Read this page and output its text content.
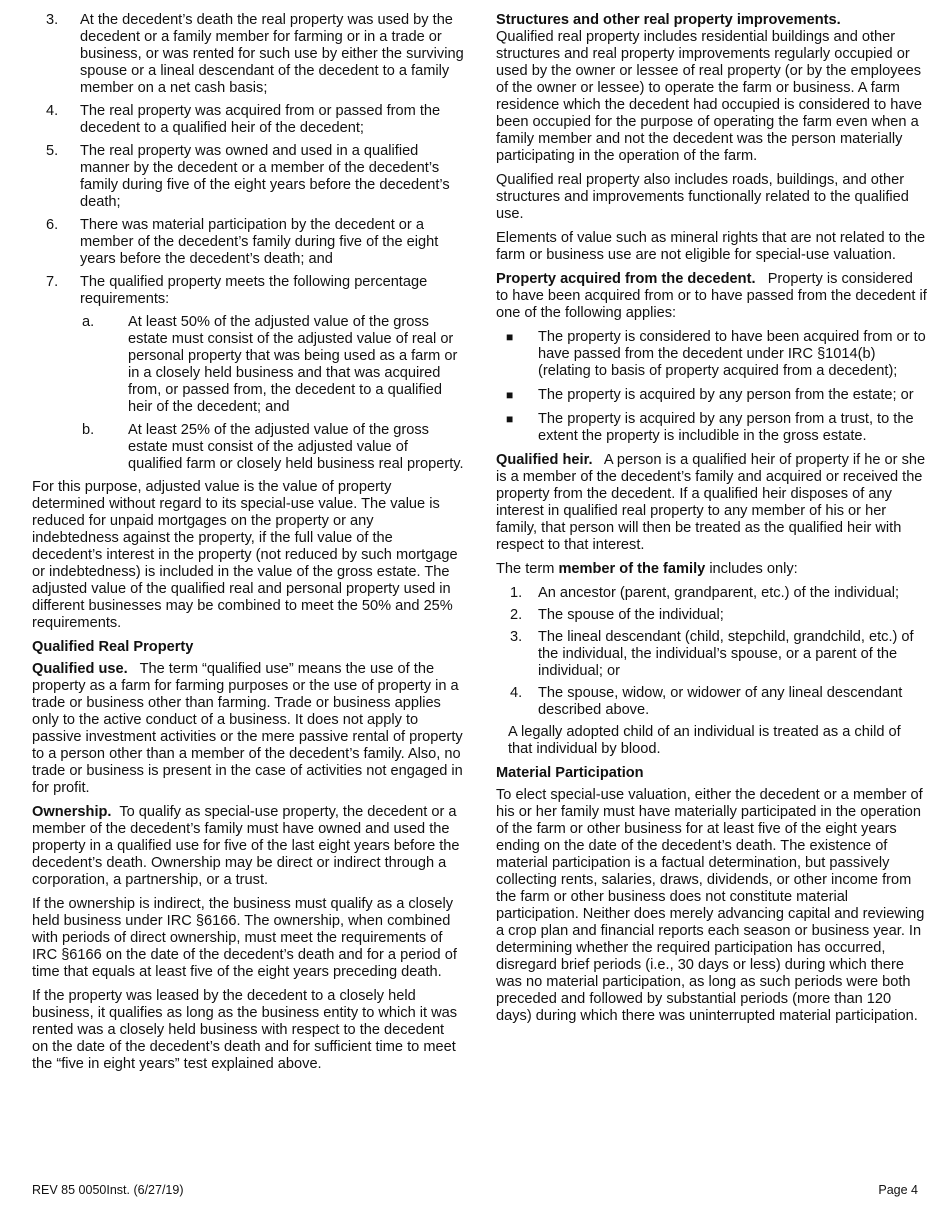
3. At the decedent’s death the real property was used by the decedent or a family member for farming or in a trade or business, or was rented for such use by either the surviving spouse or a lineal descendant of the decedent to a family member on a net cash basis;
4. The real property was acquired from or passed from the decedent to a qualified heir of the decedent;
5. The real property was owned and used in a qualified manner by the decedent or a member of the decedent’s family during five of the eight years before the decedent’s death;
6. There was material participation by the decedent or a member of the decedent’s family during five of the eight years before the decedent’s death; and
7. The qualified property meets the following percentage requirements:
a. At least 50% of the adjusted value of the gross estate must consist of the adjusted value of real or personal property that was being used as a farm or in a closely held business and that was acquired from, or passed from, the decedent to a qualified heir of the decedent; and
b. At least 25% of the adjusted value of the gross estate must consist of the adjusted value of qualified farm or closely held business real property.

For this purpose, adjusted value is the value of property determined without regard to its special-use value. The value is reduced for unpaid mortgages on the property or any indebtedness against the property, if the full value of the decedent’s interest in the property (not reduced by such mortgage or indebtedness) is included in the value of the gross estate. The adjusted value of the qualified real and personal property used in different businesses may be combined to meet the 50% and 25% requirements.

Qualified Real Property

Qualified use. The term “qualified use” means the use of the property as a farm for farming purposes or the use of property in a trade or business other than farming. Trade or business applies only to the active conduct of a business. It does not apply to passive investment activities or the mere passive rental of property to a person other than a member of the decedent’s family. Also, no trade or business is present in the case of activities not engaged in for profit.

Ownership. To qualify as special-use property, the decedent or a member of the decedent’s family must have owned and used the property in a qualified use for five of the last eight years before the decedent’s death. Ownership may be direct or indirect through a corporation, a partnership, or a trust.

If the ownership is indirect, the business must qualify as a closely held business under IRC §6166. The ownership, when combined with periods of direct ownership, must meet the requirements of IRC §6166 on the date of the decedent’s death and for a period of time that equals at least five of the eight years preceding death.

If the property was leased by the decedent to a closely held business, it qualifies as long as the business entity to which it was rented was a closely held business with respect to the decedent on the date of the decedent’s death and for sufficient time to meet the “five in eight years” test explained above.

Structures and other real property improvements.
Qualified real property includes residential buildings and other structures and real property improvements regularly occupied or used by the owner or lessee of real property (or by the employees of the owner or lessee) to operate the farm or business. A farm residence which the decedent had occupied is considered to have been occupied for the purpose of operating the farm even when a family member and not the decedent was the person materially participating in the operation of the farm.

Qualified real property also includes roads, buildings, and other structures and improvements functionally related to the qualified use.

Elements of value such as mineral rights that are not related to the farm or business use are not eligible for special-use valuation.

Property acquired from the decedent. Property is considered to have been acquired from or to have passed from the decedent if one of the following applies:

■ The property is considered to have been acquired from or to have passed from the decedent under IRC §1014(b) (relating to basis of property acquired from a decedent);
■ The property is acquired by any person from the estate; or
■ The property is acquired by any person from a trust, to the extent the property is includible in the gross estate.

Qualified heir. A person is a qualified heir of property if he or she is a member of the decedent’s family and acquired or received the property from the decedent. If a qualified heir disposes of any interest in qualified real property to any member of his or her family, that person will then be treated as the qualified heir with respect to that interest.

The term member of the family includes only:

1. An ancestor (parent, grandparent, etc.) of the individual;
2. The spouse of the individual;
3. The lineal descendant (child, stepchild, grandchild, etc.) of the individual, the individual’s spouse, or a parent of the individual; or
4. The spouse, widow, or widower of any lineal descendant described above.

A legally adopted child of an individual is treated as a child of that individual by blood.

Material Participation

To elect special-use valuation, either the decedent or a member of his or her family must have materially participated in the operation of the farm or other business for at least five of the eight years ending on the date of the decedent’s death. The existence of material participation is a factual determination, but passively collecting rents, salaries, draws, dividends, or other income from the farm or other business does not constitute material participation. Neither does merely advancing capital and reviewing a crop plan and financial reports each season or business year. In determining whether the required participation has occurred, disregard brief periods (i.e., 30 days or less) during which there was no material participation, as long as such periods were both preceded and followed by substantial periods (more than 120 days) during which there was uninterrupted material participation.

REV 85 0050Inst. (6/27/19)	Page 4
